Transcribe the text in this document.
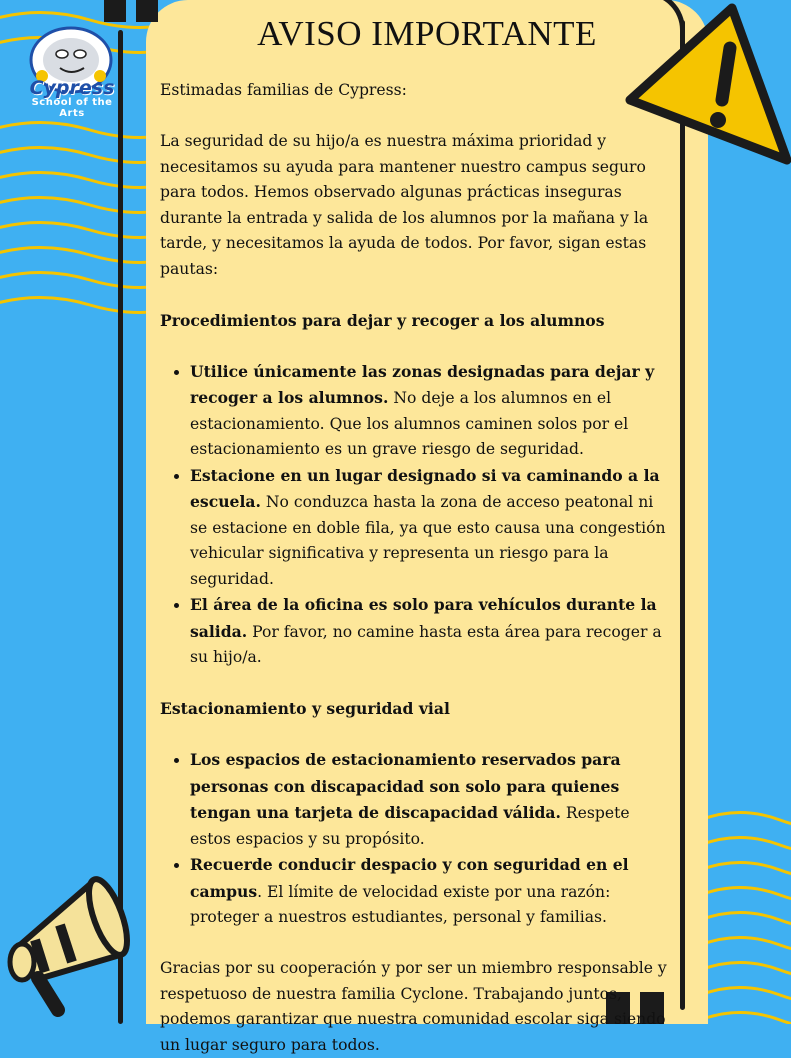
Cypress
School of the Arts
AVISO IMPORTANTE

Estimadas familias de Cypress:

La seguridad de su hijo/a es nuestra máxima prioridad y necesitamos su ayuda para mantener nuestro campus seguro para todos. Hemos observado algunas prácticas inseguras durante la entrada y salida de los alumnos por la mañana y la tarde, y necesitamos la ayuda de todos. Por favor, sigan estas pautas:

Procedimientos para dejar y recoger a los alumnos

• Utilice únicamente las zonas designadas para dejar y recoger a los alumnos. No deje a los alumnos en el estacionamiento. Que los alumnos caminen solos por el estacionamiento es un grave riesgo de seguridad.
• Estacione en un lugar designado si va caminando a la escuela. No conduzca hasta la zona de acceso peatonal ni se estacione en doble fila, ya que esto causa una congestión vehicular significativa y representa un riesgo para la seguridad.
• El área de la oficina es solo para vehículos durante la salida. Por favor, no camine hasta esta área para recoger a su hijo/a.

Estacionamiento y seguridad vial

• Los espacios de estacionamiento reservados para personas con discapacidad son solo para quienes tengan una tarjeta de discapacidad válida. Respete estos espacios y su propósito.
• Recuerde conducir despacio y con seguridad en el campus. El límite de velocidad existe por una razón: proteger a nuestros estudiantes, personal y familias.

Gracias por su cooperación y por ser un miembro responsable y respetuoso de nuestra familia Cyclone. Trabajando juntos, podemos garantizar que nuestra comunidad escolar siga siendo un lugar seguro para todos.
